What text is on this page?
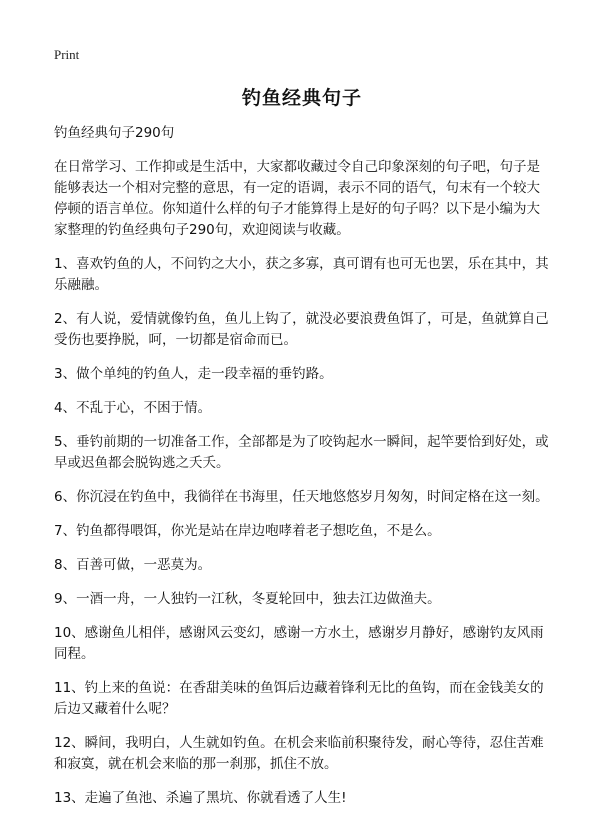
Print
钓鱼经典句子

钓鱼经典句子290句

在日常学习、工作抑或是生活中，大家都收藏过令自己印象深刻的句子吧，句子是能够表达一个相对完整的意思，有一定的语调，表示不同的语气，句末有一个较大停顿的语言单位。你知道什么样的句子才能算得上是好的句子吗？以下是小编为大家整理的钓鱼经典句子290句，欢迎阅读与收藏。

1、喜欢钓鱼的人，不问钓之大小，获之多寡，真可谓有也可无也罢，乐在其中，其乐融融。
2、有人说，爱情就像钓鱼，鱼儿上钩了，就没必要浪费鱼饵了，可是，鱼就算自己受伤也要挣脱，呵，一切都是宿命而已。
3、做个单纯的钓鱼人，走一段幸福的垂钓路。
4、不乱于心，不困于情。
5、垂钓前期的一切准备工作，全部都是为了咬钩起水一瞬间，起竿要恰到好处，或早或迟鱼都会脱钩逃之夭夭。
6、你沉浸在钓鱼中，我徜徉在书海里，任天地悠悠岁月匆匆，时间定格在这一刻。
7、钓鱼都得喂饵，你光是站在岸边咆哮着老子想吃鱼，不是么。
8、百善可做，一恶莫为。
9、一酒一舟，一人独钓一江秋，冬夏轮回中，独去江边做渔夫。
10、感谢鱼儿相伴，感谢风云变幻，感谢一方水土，感谢岁月静好，感谢钓友风雨同程。
11、钓上来的鱼说：在香甜美味的鱼饵后边藏着锋利无比的鱼钩，而在金钱美女的后边又藏着什么呢？
12、瞬间，我明白，人生就如钓鱼。在机会来临前积聚待发，耐心等待，忍住苦难和寂寞，就在机会来临的那一刹那，抓住不放。
13、走遍了鱼池、杀遍了黑坑、你就看透了人生!
